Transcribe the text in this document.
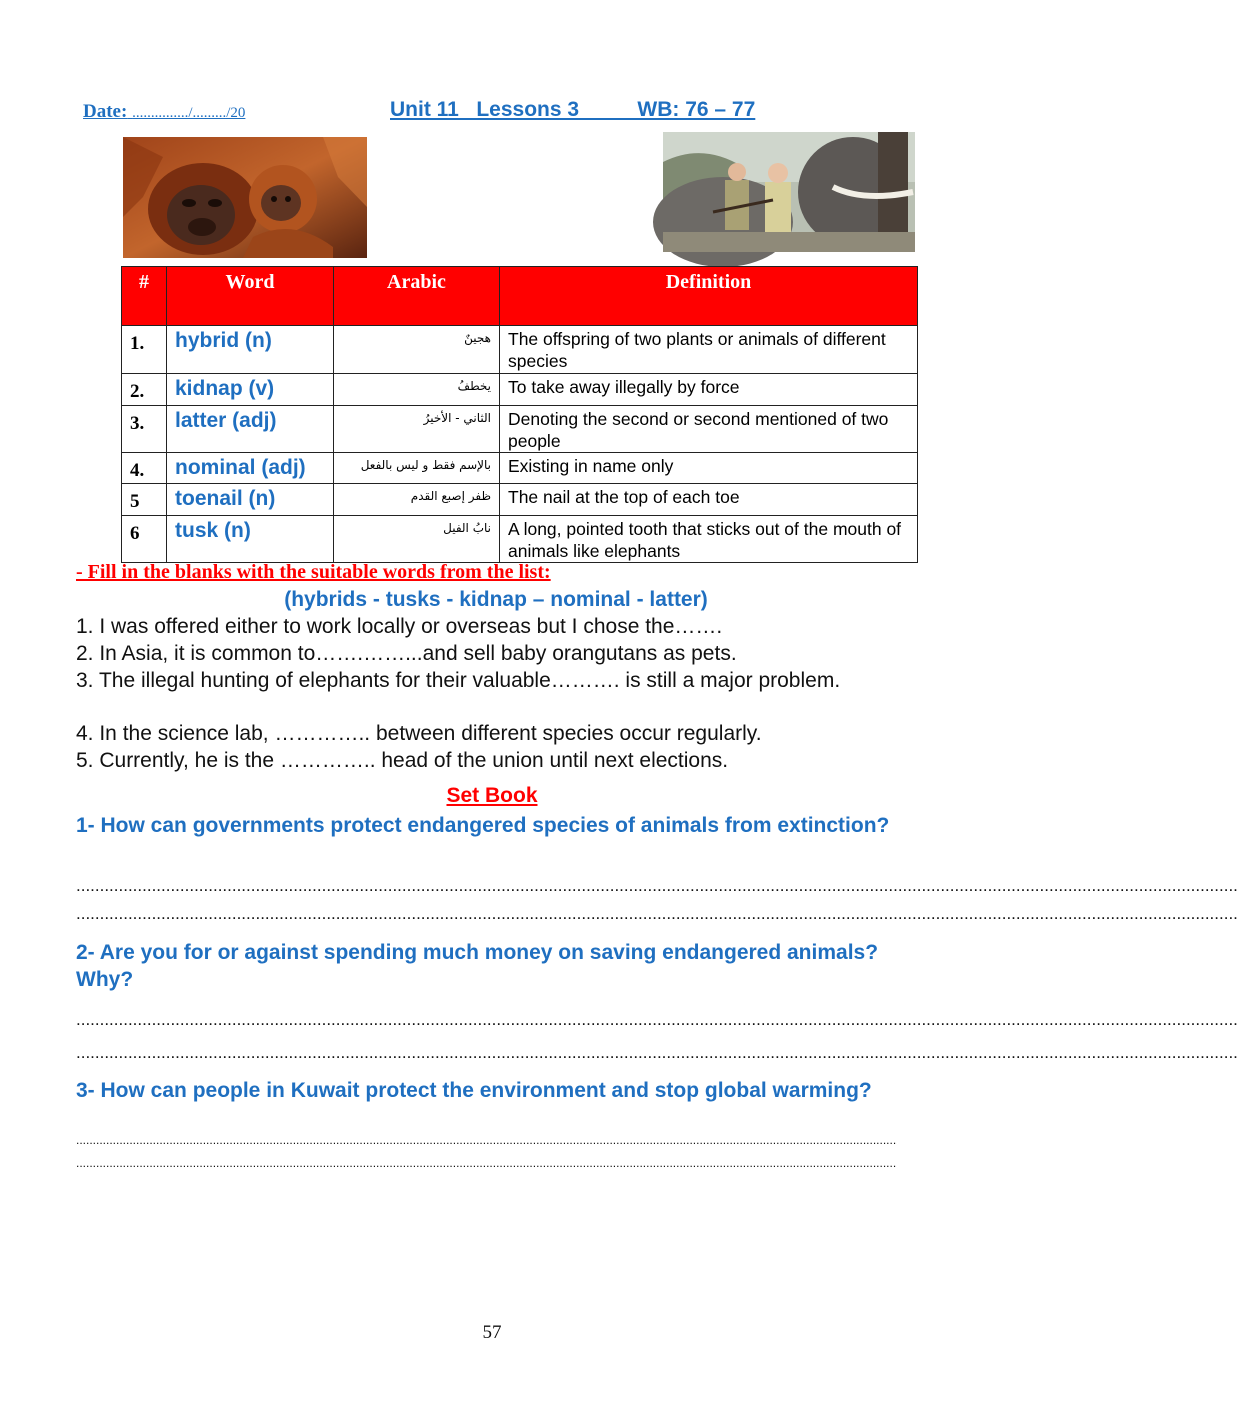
Date: .............../........./20	Unit 11   Lessons 3          WB: 76 – 77
#	Word	Arabic	Definition
1.	hybrid (n)	هجينٌ	The offspring of two plants or animals of different species
2.	kidnap (v)	يخطفُ	To take away illegally by force
3.	latter (adj)	الثاني - الأخيرُ	Denoting the second or second mentioned of two people
4.	nominal (adj)	بالإسم فقط و ليس بالفعل	Existing in name only
5	toenail (n)	ظفر إصبع القدم	The nail at the top of each toe
6	tusk (n)	نابُ الفيل	A long, pointed tooth that sticks out of the mouth of animals like elephants
- Fill in the blanks with the suitable words from the list:
(hybrids - tusks - kidnap – nominal - latter)
1. I was offered either to work locally or overseas but I chose the…….
2. In Asia, it is common to…….……...and sell baby orangutans as pets.
3. The illegal hunting of elephants for their valuable………. is still a major problem.
4. In the science lab, ………….. between different species occur regularly.
5. Currently, he is the ………….. head of the union until next elections.
Set Book
1- How can governments protect endangered species of animals from extinction?
......................................................................................................................................................................................................................................................
......................................................................................................................................................................................................................................................
2- Are you for or against spending much money on saving endangered animals? Why?
......................................................................................................................................................................................................................................................
......................................................................................................................................................................................................................................................
3- How can people in Kuwait protect the environment and stop global warming?
......................................................................................................................................................................................................................................................
......................................................................................................................................................................................................................................................
57
